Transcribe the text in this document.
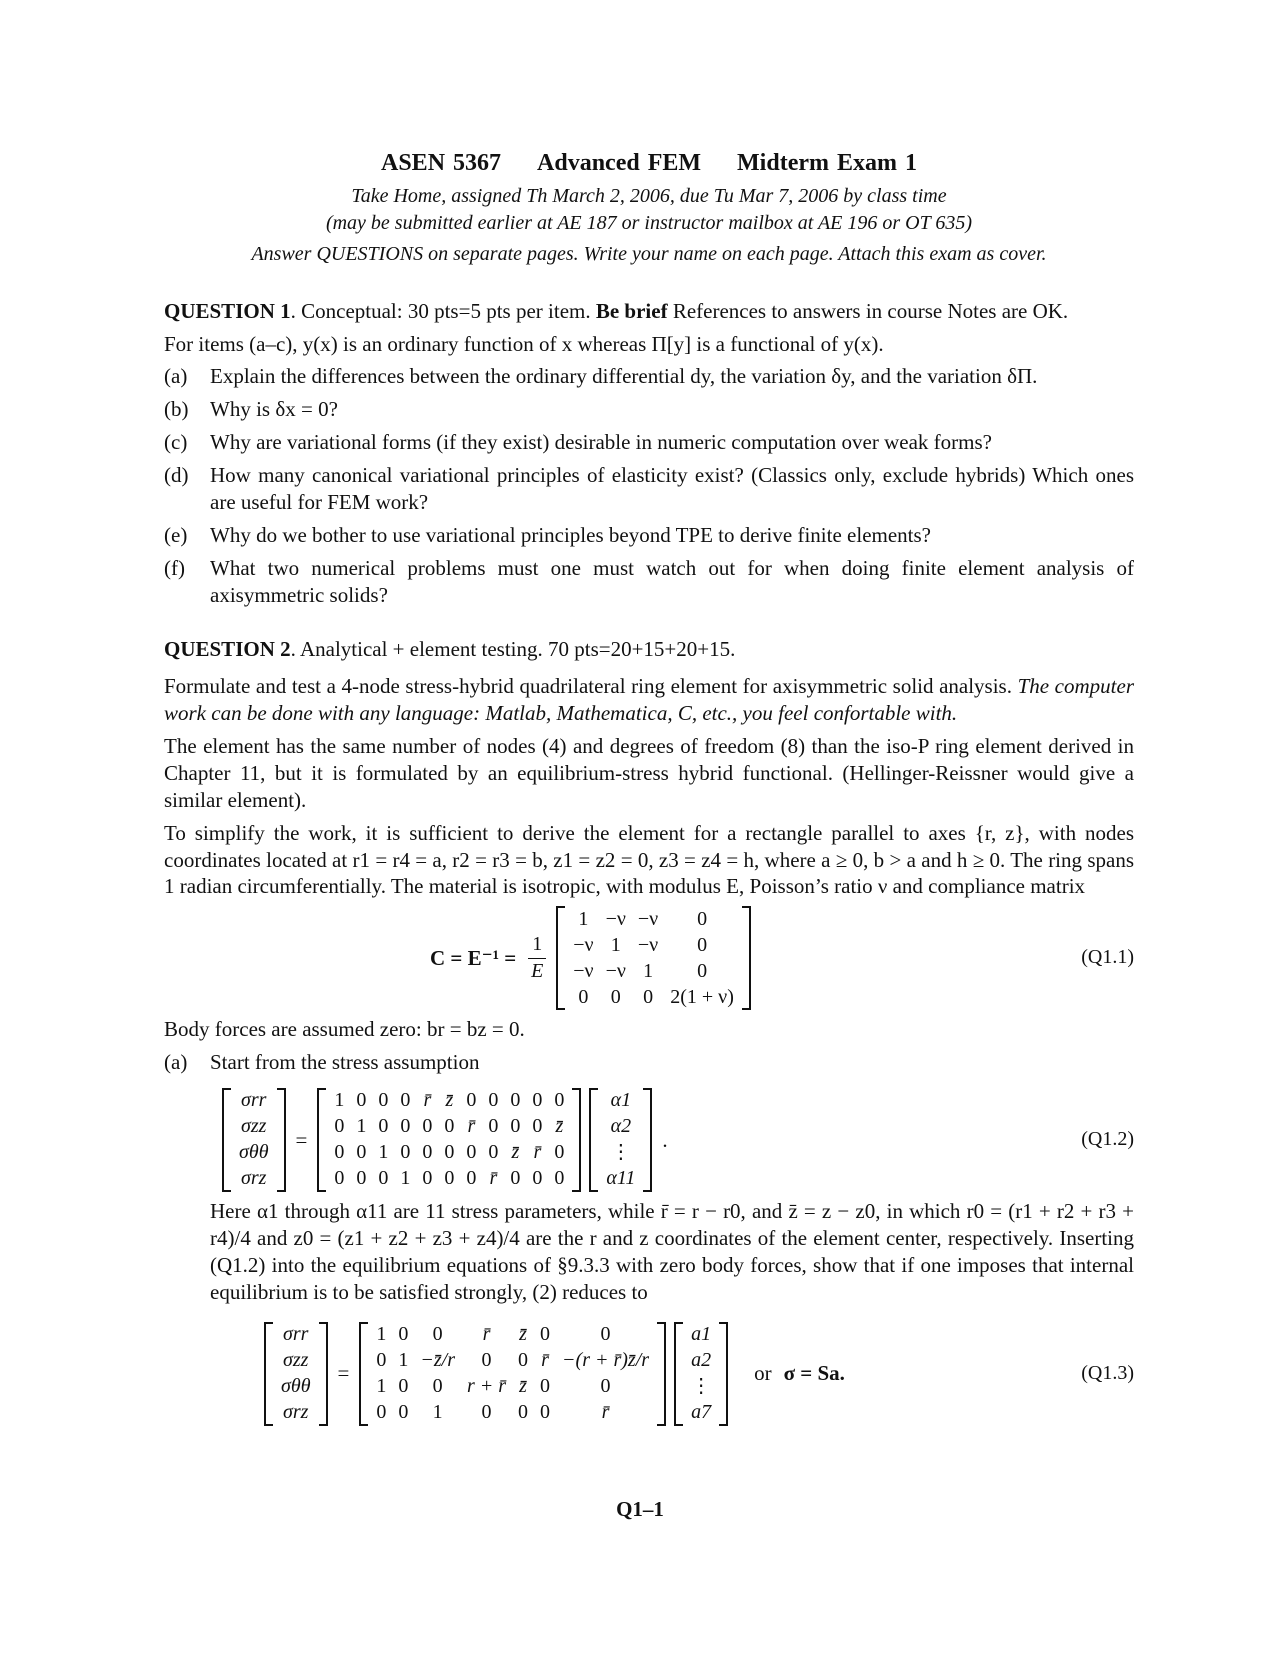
ASEN 5367 Advanced FEM Midterm Exam 1
Take Home, assigned Th March 2, 2006, due Tu Mar 7, 2006 by class time
(may be submitted earlier at AE 187 or instructor mailbox at AE 196 or OT 635)
Answer QUESTIONS on separate pages. Write your name on each page. Attach this exam as cover.
QUESTION 1. Conceptual: 30 pts=5 pts per item. Be brief References to answers in course Notes are OK.

For items (a–c), y(x) is an ordinary function of x whereas Π[y] is a functional of y(x).

(a)	Explain the differences between the ordinary differential dy, the variation δy, and the variation δΠ.
(b)	Why is δx = 0?
(c)	Why are variational forms (if they exist) desirable in numeric computation over weak forms?
(d)	How many canonical variational principles of elasticity exist? (Classics only, exclude hybrids) Which ones are useful for FEM work?
(e)	Why do we bother to use variational principles beyond TPE to derive finite elements?
(f)	What two numerical problems must one must watch out for when doing finite element analysis of axisymmetric solids?
QUESTION 2. Analytical + element testing. 70 pts=20+15+20+15.

Formulate and test a 4-node stress-hybrid quadrilateral ring element for axisymmetric solid analysis. The computer work can be done with any language: Matlab, Mathematica, C, etc., you feel confortable with.

The element has the same number of nodes (4) and degrees of freedom (8) than the iso-P ring element derived in Chapter 11, but it is formulated by an equilibrium-stress hybrid functional. (Hellinger-Reissner would give a similar element).

To simplify the work, it is sufficient to derive the element for a rectangle parallel to axes {r, z}, with nodes coordinates located at r1 = r4 = a, r2 = r3 = b, z1 = z2 = 0, z3 = z4 = h, where a ≥ 0, b > a and h ≥ 0. The ring spans 1 radian circumferentially. The material is isotropic, with modulus E, Poisson’s ratio ν and compliance matrix

$C = E^{-1} = \frac{1}{E}$
1	−ν	−ν	0
−ν	1	−ν	0
−ν	−ν	1	0
0	0	0	2(1 + ν)
(Q1.1)

Body forces are assumed zero: br = bz = 0.

(a)	Start from the stress assumption
σrr
σzz
σθθ
σrz
=
1	0	0	0	r̄	z̄	0	0	0	0	0
0	1	0	0	0	0	r̄	0	0	0	z̄
0	0	1	0	0	0	0	0	z̄	r̄	0
0	0	0	1	0	0	0	r̄	0	0	0
α1
α2
⋮
α11
.	(Q1.2)

Here α1 through α11 are 11 stress parameters, while r̄ = r − r0, and z̄ = z − z0, in which r0 = (r1 + r2 + r3 + r4)/4 and z0 = (z1 + z2 + z3 + z4)/4 are the r and z coordinates of the element center, respectively. Inserting (Q1.2) into the equilibrium equations of §9.3.3 with zero body forces, show that if one imposes that internal equilibrium is to be satisfied strongly, (2) reduces to

σrr
σzz
σθθ
σrz
=
1	0	0	r̄	z̄	0	0
0	1	−z̄/r	0	0	r̄	−(r + r̄)z̄/r
1	0	0	r + r̄	z̄	0	0
0	0	1	0	0	0	r̄
a1
a2
⋮
a7
or σ = Sa.	(Q1.3)
Q1–1
